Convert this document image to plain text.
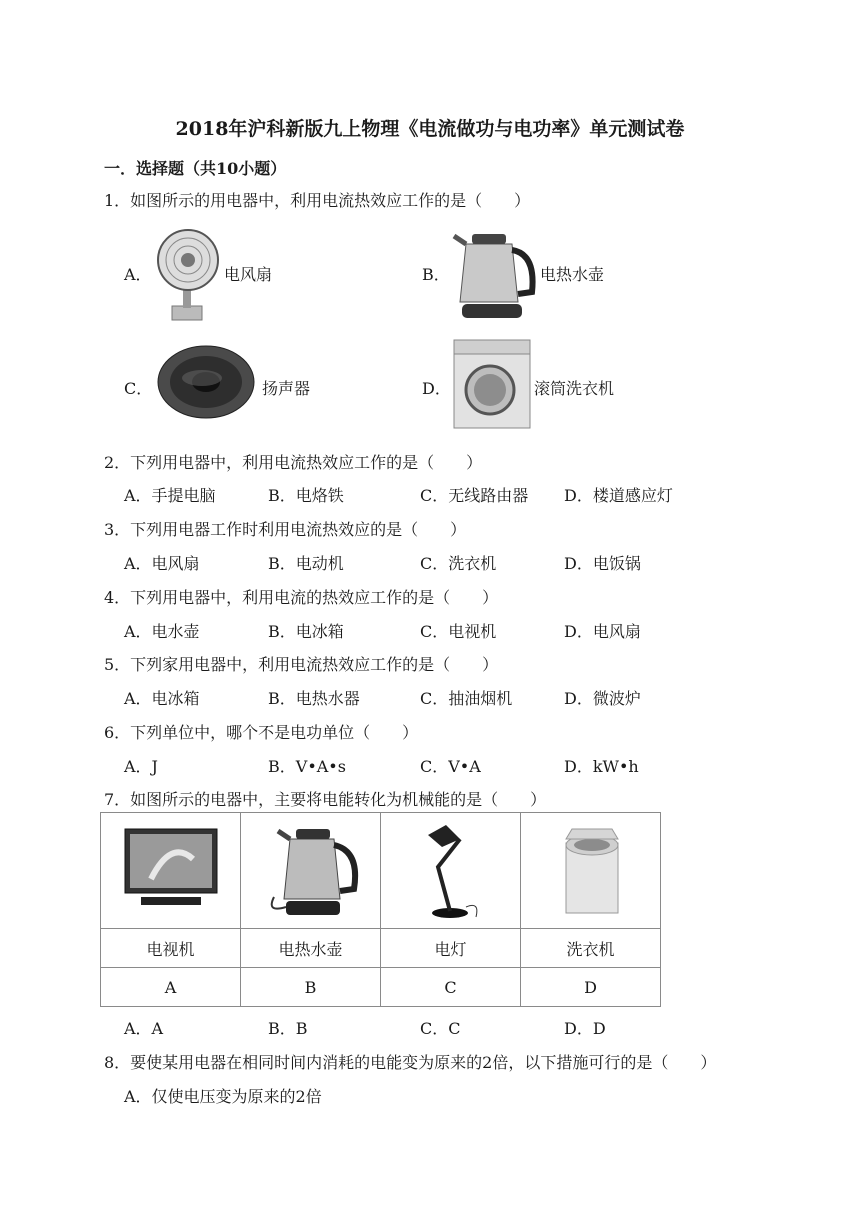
2018年沪科新版九上物理《电流做功与电功率》单元测试卷
一．选择题（共10小题）
1．如图所示的用电器中，利用电流热效应工作的是（　　）
A．	电风扇	B．	电热水壶
C．	扬声器	D．	滚筒洗衣机
2．下列用电器中，利用电流热效应工作的是（　　）
A．手提电脑	B．电烙铁	C．无线路由器 D．楼道感应灯
3．下列用电器工作时利用电流热效应的是（　　）
A．电风扇	B．电动机	C．洗衣机	D．电饭锅
4．下列用电器中，利用电流的热效应工作的是（　　）
A．电水壶	B．电冰箱	C．电视机	D．电风扇
5．下列家用电器中，利用电流热效应工作的是（　　）
A．电冰箱	B．电热水器	C．抽油烟机	D．微波炉
6．下列单位中，哪个不是电功单位（　　）
A．J	B．V•A•s	C．V•A	D．kW•h
7．如图所示的电器中，主要将电能转化为机械能的是（　　）

电视机	电热水壶	电灯	洗衣机
A	B	C	D
A．A	B．B	C．C	D．D
8．要使某用电器在相同时间内消耗的电能变为原来的2倍，以下措施可行的是（　　）
A．仅使电压变为原来的2倍
